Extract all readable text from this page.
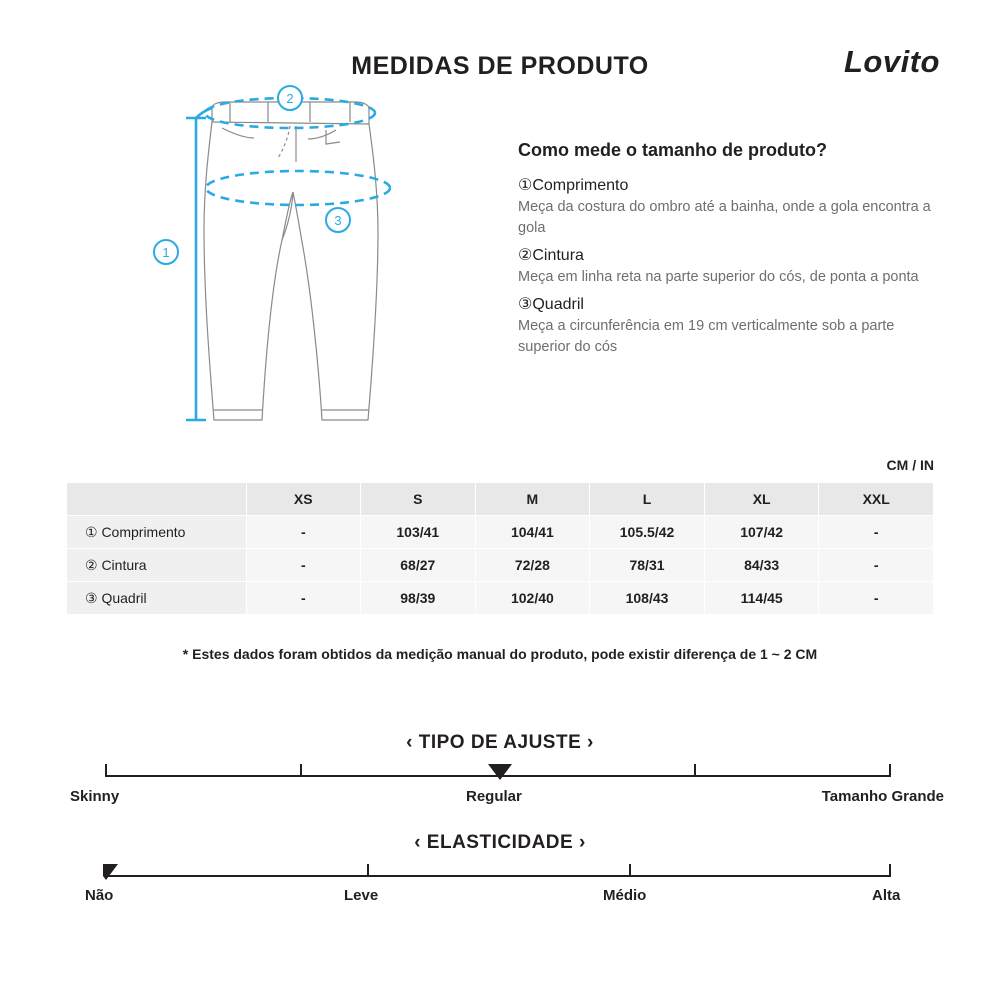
MEDIDAS DE PRODUTO	Lovito
2
3
1
Como mede o tamanho de produto?
①Comprimento
Meça da costura do ombro até a bainha, onde a gola encontra a gola
②Cintura
Meça em linha reta na parte superior do cós, de ponta a ponta
③Quadril
Meça a circunferência em 19 cm verticalmente sob a parte superior do cós
CM / IN
	XS	S	M	L	XL	XXL
① Comprimento	-	103/41	104/41	105.5/42	107/42	-
② Cintura	-	68/27	72/28	78/31	84/33	-
③ Quadril	-	98/39	102/40	108/43	114/45	-
* Estes dados foram obtidos da medição manual do produto, pode existir diferença de 1 ~ 2 CM
‹ TIPO DE AJUSTE ›
Skinny	Regular	Tamanho Grande
‹ ELASTICIDADE ›
Não	Leve	Médio	Alta
